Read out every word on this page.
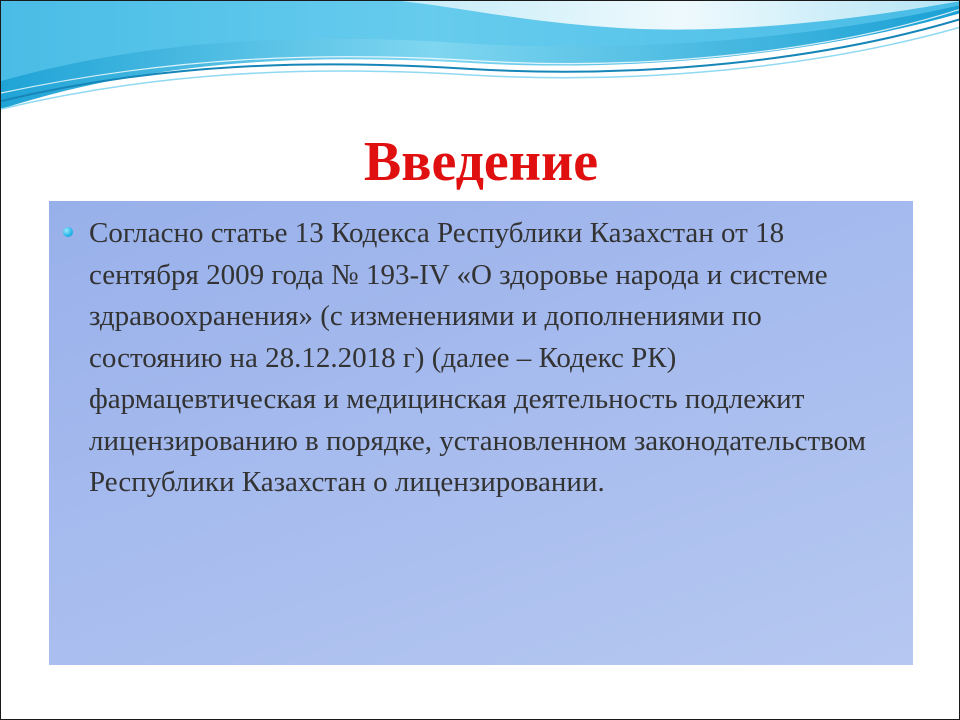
Введение

Согласно статье 13 Кодекса Республики Казахстан от 18 сентября 2009 года № 193-IV «О здоровье народа и системе здравоохранения» (с изменениями и дополнениями по состоянию на 28.12.2018 г) (далее – Кодекс РК) фармацевтическая и медицинская деятельность подлежит лицензированию в порядке, установленном законодательством Республики Казахстан о лицензировании.
